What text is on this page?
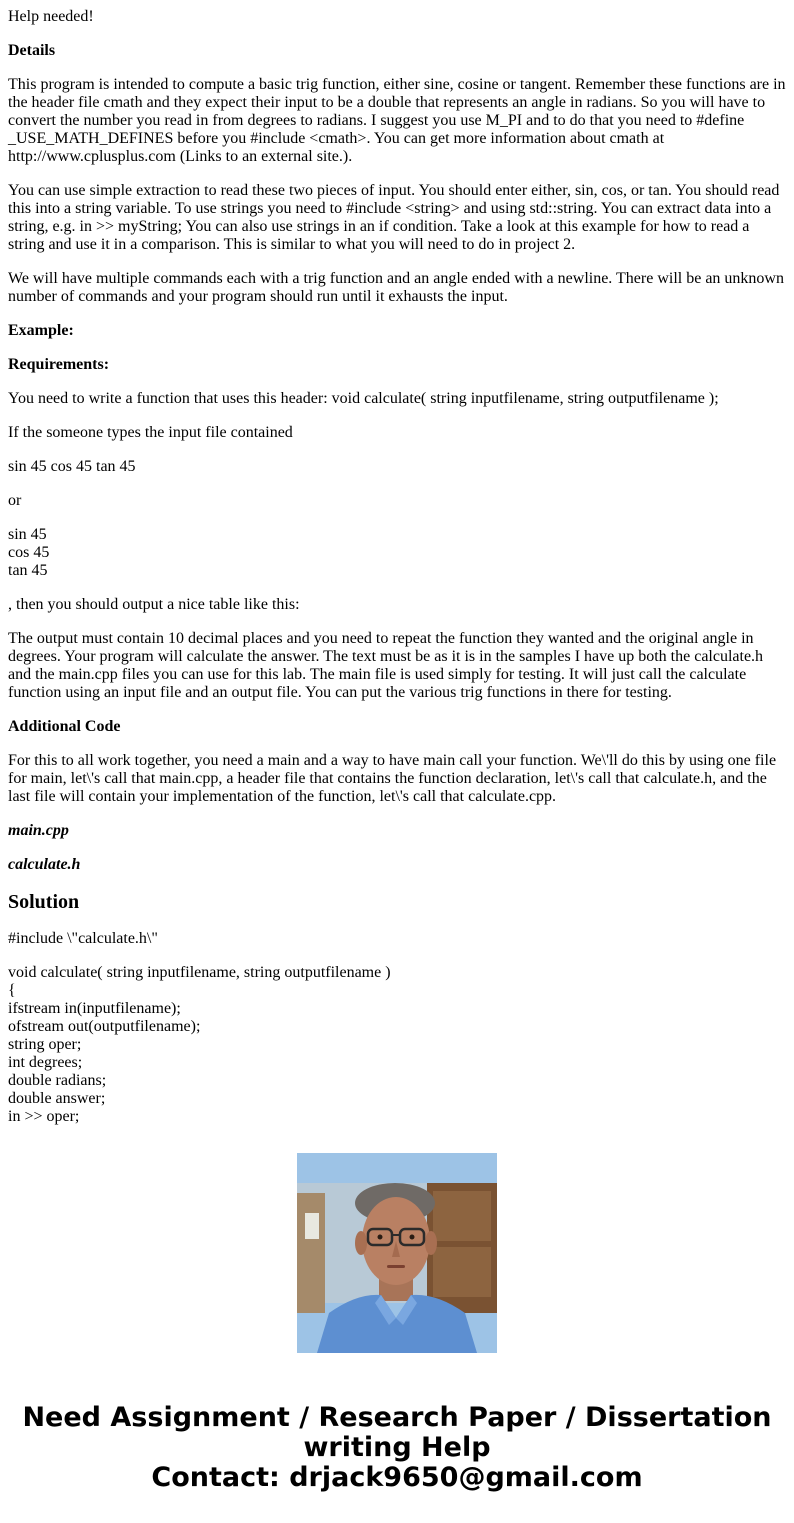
Help needed!

Details

This program is intended to compute a basic trig function, either sine, cosine or tangent. Remember these functions are in the header file cmath and they expect their input to be a double that represents an angle in radians. So you will have to convert the number you read in from degrees to radians. I suggest you use M_PI and to do that you need to #define _USE_MATH_DEFINES before you #include <cmath>. You can get more information about cmath at http://www.cplusplus.com (Links to an external site.).

You can use simple extraction to read these two pieces of input. You should enter either, sin, cos, or tan. You should read this into a string variable. To use strings you need to #include <string> and using std::string. You can extract data into a string, e.g. in >> myString; You can also use strings in an if condition. Take a look at this example for how to read a string and use it in a comparison. This is similar to what you will need to do in project 2.

We will have multiple commands each with a trig function and an angle ended with a newline. There will be an unknown number of commands and your program should run until it exhausts the input.

Example:

Requirements:

You need to write a function that uses this header: void calculate( string inputfilename, string outputfilename );

If the someone types the input file contained

sin 45 cos 45 tan 45

or

sin 45
cos 45
tan 45

, then you should output a nice table like this:

The output must contain 10 decimal places and you need to repeat the function they wanted and the original angle in degrees. Your program will calculate the answer. The text must be as it is in the samples I have up both the calculate.h and the main.cpp files you can use for this lab. The main file is used simply for testing. It will just call the calculate function using an input file and an output file. You can put the various trig functions in there for testing.

Additional Code

For this to all work together, you need a main and a way to have main call your function. We\'ll do this by using one file for main, let\'s call that main.cpp, a header file that contains the function declaration, let\'s call that calculate.h, and the last file will contain your implementation of the function, let\'s call that calculate.cpp.

main.cpp

calculate.h

Solution

#include \"calculate.h\"

void calculate( string inputfilename, string outputfilename )
{
ifstream in(inputfilename);
ofstream out(outputfilename);
string oper;
int degrees;
double radians;
double answer;
in >> oper;
Need Assignment / Research Paper / Dissertation
writing Help
Contact: drjack9650@gmail.com
